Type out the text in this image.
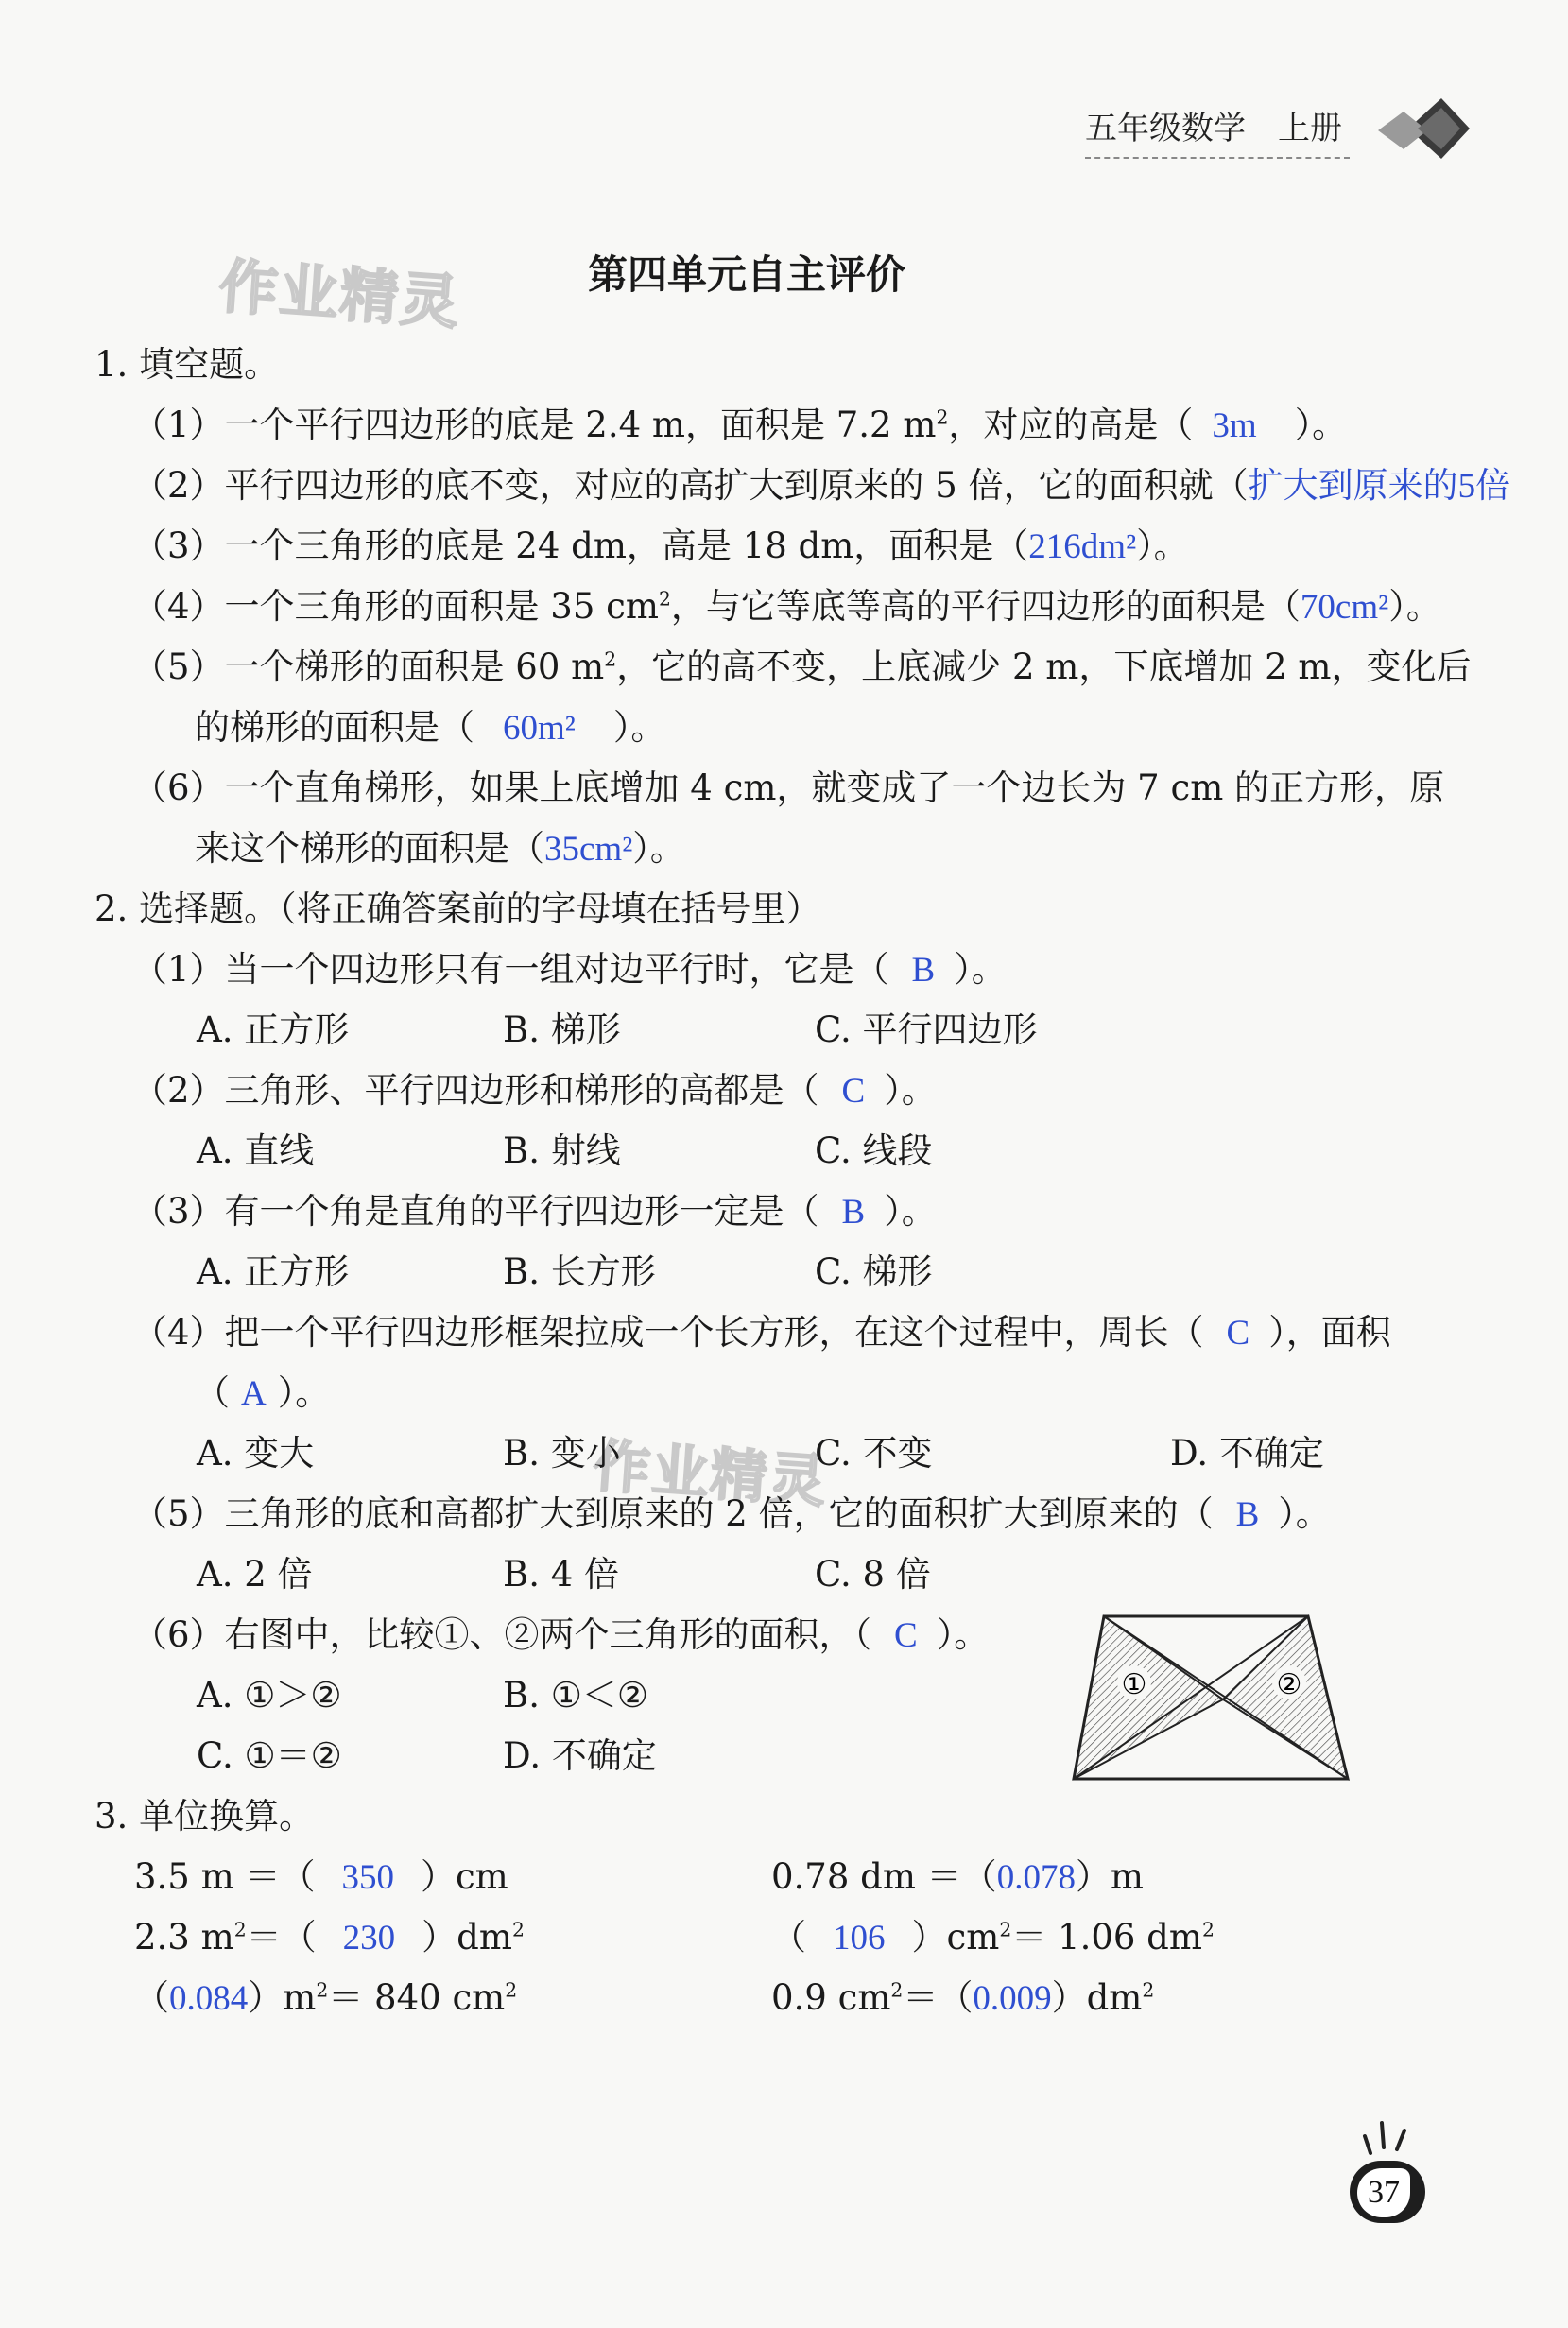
五年级数学　上册
作业精灵
作业精灵
第四单元自主评价
1. 填空题。
（1）一个平行四边形的底是 2.4 m，面积是 7.2 $m^2$，对应的高是（ 3m ）。
（2）平行四边形的底不变，对应的高扩大到原来的 5 倍，它的面积就（扩大到原来的5倍
（3）一个三角形的底是 24 dm，高是 18 dm，面积是（216dm²）。
（4）一个三角形的面积是 35 $cm^2$，与它等底等高的平行四边形的面积是（70cm²）。
（5）一个梯形的面积是 60 $m^2$，它的高不变，上底减少 2 m，下底增加 2 m，变化后
的梯形的面积是（ 60m² ）。
（6）一个直角梯形，如果上底增加 4 cm，就变成了一个边长为 7 cm 的正方形，原
来这个梯形的面积是（35cm²）。
2. 选择题。（将正确答案前的字母填在括号里）
（1）当一个四边形只有一组对边平行时，它是（ B ）。
A. 正方形	B. 梯形	C. 平行四边形
（2）三角形、平行四边形和梯形的高都是（ C ）。
A. 直线	B. 射线	C. 线段
（3）有一个角是直角的平行四边形一定是（ B ）。
A. 正方形	B. 长方形	C. 梯形
（4）把一个平行四边形框架拉成一个长方形，在这个过程中，周长（ C ），面积
（ A ）。
A. 变大	B. 变小	C. 不变	D. 不确定
（5）三角形的底和高都扩大到原来的 2 倍，它的面积扩大到原来的（ B ）。
A. 2 倍	B. 4 倍	C. 8 倍
（6）右图中，比较①、②两个三角形的面积，（ C ）。
A. ①＞②	B. ①＜②
C. ①＝②	D. 不确定
①	②
3. 单位换算。
3.5 m ＝（ 350 ）cm	0.78 dm ＝（0.078）m
2.3 $m^2=$（ 230 ）$dm^2$	（ 106 ）$cm^2= 1.06$ $dm^2$
$(0.084)m^2= 840$ $cm^2$	0.9 $cm^2=(0.009)dm^2$
37
